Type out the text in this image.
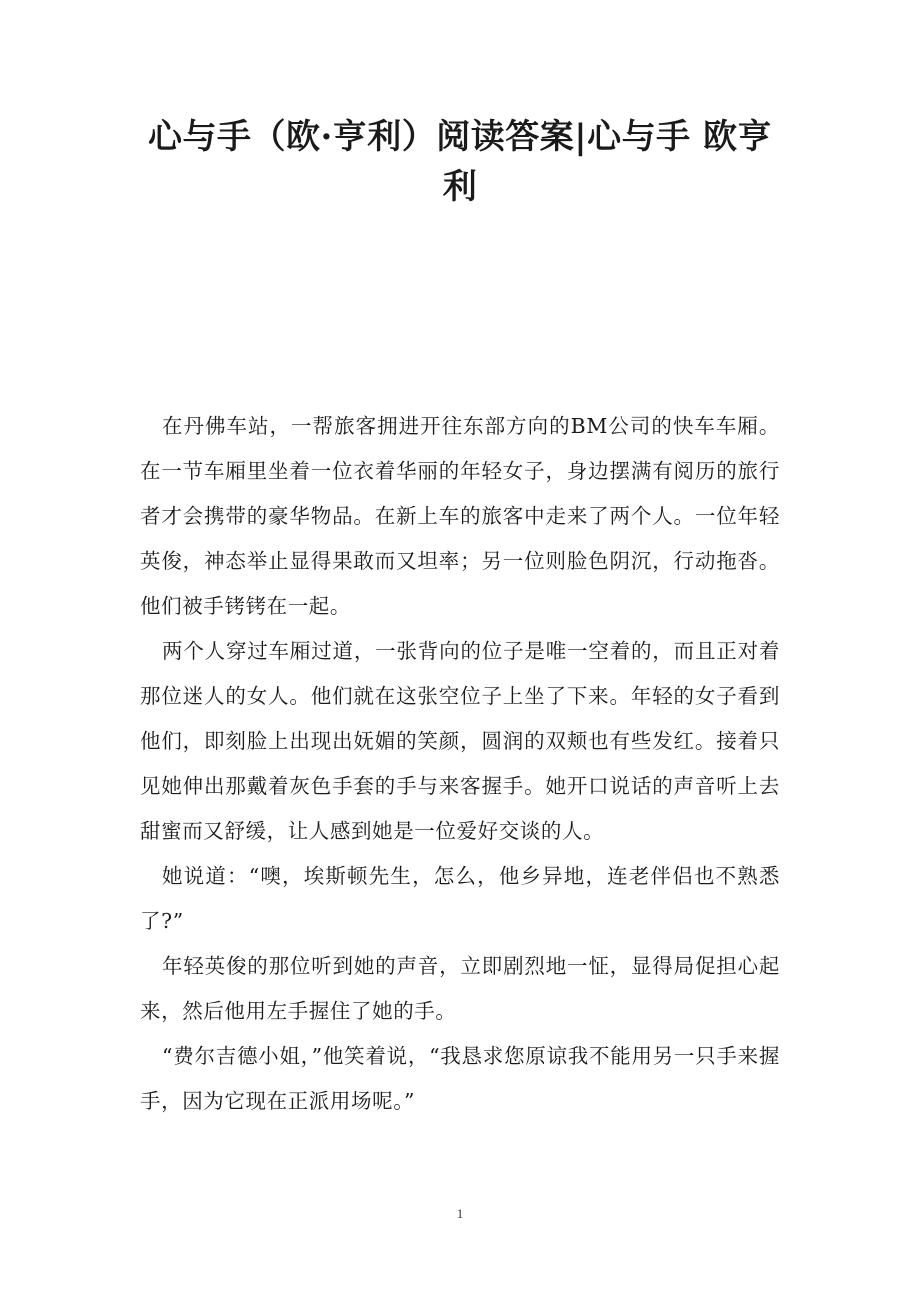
心与手（欧·亨利）阅读答案|心与手 欧亨利

在丹佛车站，一帮旅客拥进开往东部方向的BM公司的快车车厢。在一节车厢里坐着一位衣着华丽的年轻女子，身边摆满有阅历的旅行者才会携带的豪华物品。在新上车的旅客中走来了两个人。一位年轻英俊，神态举止显得果敢而又坦率；另一位则脸色阴沉，行动拖沓。他们被手铐铐在一起。

两个人穿过车厢过道，一张背向的位子是唯一空着的，而且正对着那位迷人的女人。他们就在这张空位子上坐了下来。年轻的女子看到他们，即刻脸上出现出妩媚的笑颜，圆润的双颊也有些发红。接着只见她伸出那戴着灰色手套的手与来客握手。她开口说话的声音听上去甜蜜而又舒缓，让人感到她是一位爱好交谈的人。

她说道：“噢，埃斯顿先生，怎么，他乡异地，连老伴侣也不熟悉了?”

年轻英俊的那位听到她的声音，立即剧烈地一怔，显得局促担心起来，然后他用左手握住了她的手。

“费尔吉德小姐，”他笑着说，“我恳求您原谅我不能用另一只手来握手，因为它现在正派用场呢。”

1
